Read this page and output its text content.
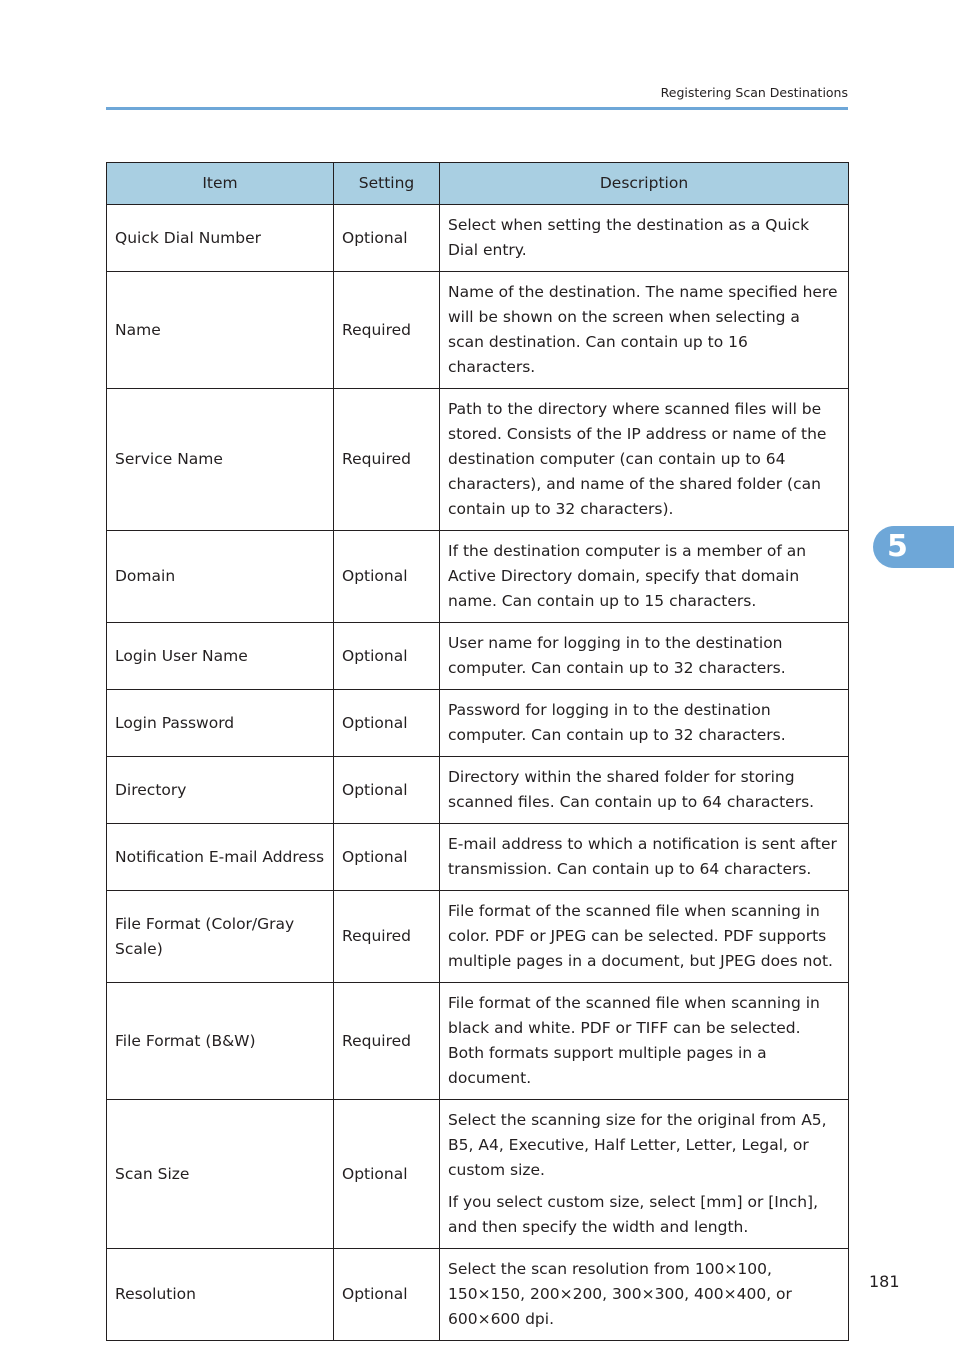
Registering Scan Destinations
Item	Setting	Description
Quick Dial Number	Optional	Select when setting the destination as a Quick Dial entry.

Name	Required	Name of the destination. The name specified here will be shown on the screen when selecting a scan destination. Can contain up to 16 characters.

Service Name	Required	Path to the directory where scanned files will be stored. Consists of the IP address or name of the destination computer (can contain up to 64 characters), and name of the shared folder (can contain up to 32 characters).

Domain	Optional	If the destination computer is a member of an Active Directory domain, specify that domain name. Can contain up to 15 characters.

Login User Name	Optional	User name for logging in to the destination computer. Can contain up to 32 characters.

Login Password	Optional	Password for logging in to the destination computer. Can contain up to 32 characters.

Directory	Optional	Directory within the shared folder for storing scanned files. Can contain up to 64 characters.

Notification E-mail Address	Optional	E-mail address to which a notification is sent after transmission. Can contain up to 64 characters.

File Format (Color/Gray Scale)	Required	File format of the scanned file when scanning in color. PDF or JPEG can be selected. PDF supports multiple pages in a document, but JPEG does not.

File Format (B&W)	Required	File format of the scanned file when scanning in black and white. PDF or TIFF can be selected. Both formats support multiple pages in a document.

Scan Size	Optional	Select the scanning size for the original from A5, B5, A4, Executive, Half Letter, Letter, Legal, or custom size.

If you select custom size, select [mm] or [Inch], and then specify the width and length.

Resolution	Optional	Select the scan resolution from 100×100, 150×150, 200×200, 300×300, 400×400, or 600×600 dpi.

5
181
